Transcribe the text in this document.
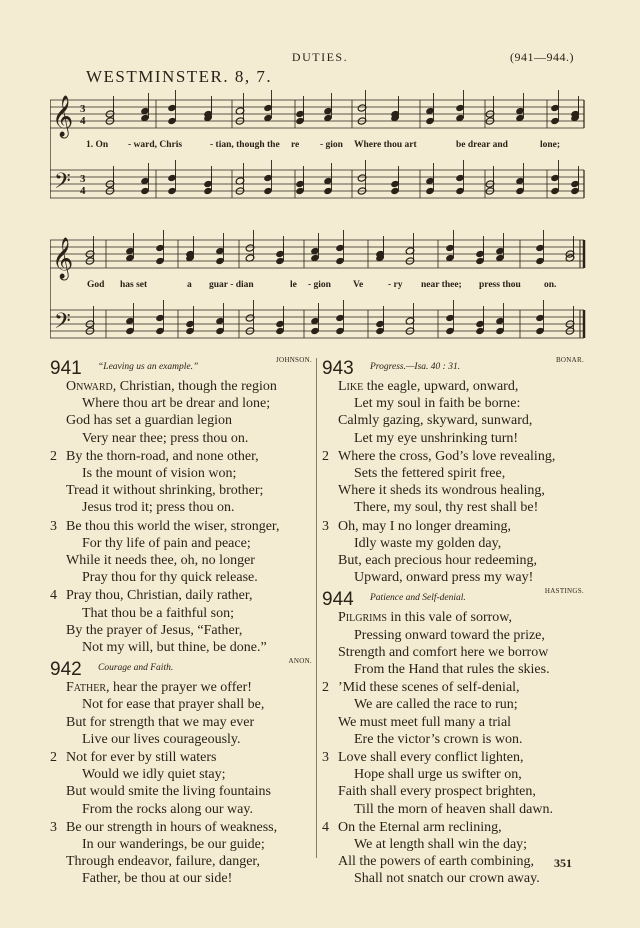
DUTIES.	(941—944.)
WESTMINSTER. 8, 7.
3
4
3
4
𝄞
𝄢
𝄞
𝄢
1. On - ward, Chris	- tian, though the re - gion Where thou art	be drear and	lone;
God has set	a guar - dian	le - gion Ve	- ry near thee; press thou on.
941 “Leaving us an example.”
JOHNSON.
Onward, Christian, though the region
Where thou art be drear and lone;
God has set a guardian legion
Very near thee; press thou on.
2 By the thorn-road, and none other,
Is the mount of vision won;
Tread it without shrinking, brother;
Jesus trod it; press thou on.
3 Be thou this world the wiser, stronger,
For thy life of pain and peace;
While it needs thee, oh, no longer
Pray thou for thy quick release.
4 Pray thou, Christian, daily rather,
That thou be a faithful son;
By the prayer of Jesus, “Father,
Not my will, but thine, be done.”
942 Courage and Faith.
ANON.
Father, hear the prayer we offer!
Not for ease that prayer shall be,
But for strength that we may ever
Live our lives courageously.
2 Not for ever by still waters
Would we idly quiet stay;
But would smite the living fountains
From the rocks along our way.
3 Be our strength in hours of weakness,
In our wanderings, be our guide;
Through endeavor, failure, danger,
Father, be thou at our side!
943 Progress.—Isa. 40 : 31.
BONAR.
Like the eagle, upward, onward,
Let my soul in faith be borne:
Calmly gazing, skyward, sunward,
Let my eye unshrinking turn!
2 Where the cross, God’s love revealing,
Sets the fettered spirit free,
Where it sheds its wondrous healing,
There, my soul, thy rest shall be!
3 Oh, may I no longer dreaming,
Idly waste my golden day,
But, each precious hour redeeming,
Upward, onward press my way!
944 Patience and Self-denial.
HASTINGS.
Pilgrims in this vale of sorrow,
Pressing onward toward the prize,
Strength and comfort here we borrow
From the Hand that rules the skies.
2 ’Mid these scenes of self-denial,
We are called the race to run;
We must meet full many a trial
Ere the victor’s crown is won.
3 Love shall every conflict lighten,
Hope shall urge us swifter on,
Faith shall every prospect brighten,
Till the morn of heaven shall dawn.
4 On the Eternal arm reclining,
We at length shall win the day;
All the powers of earth combining,
Shall not snatch our crown away.
351
